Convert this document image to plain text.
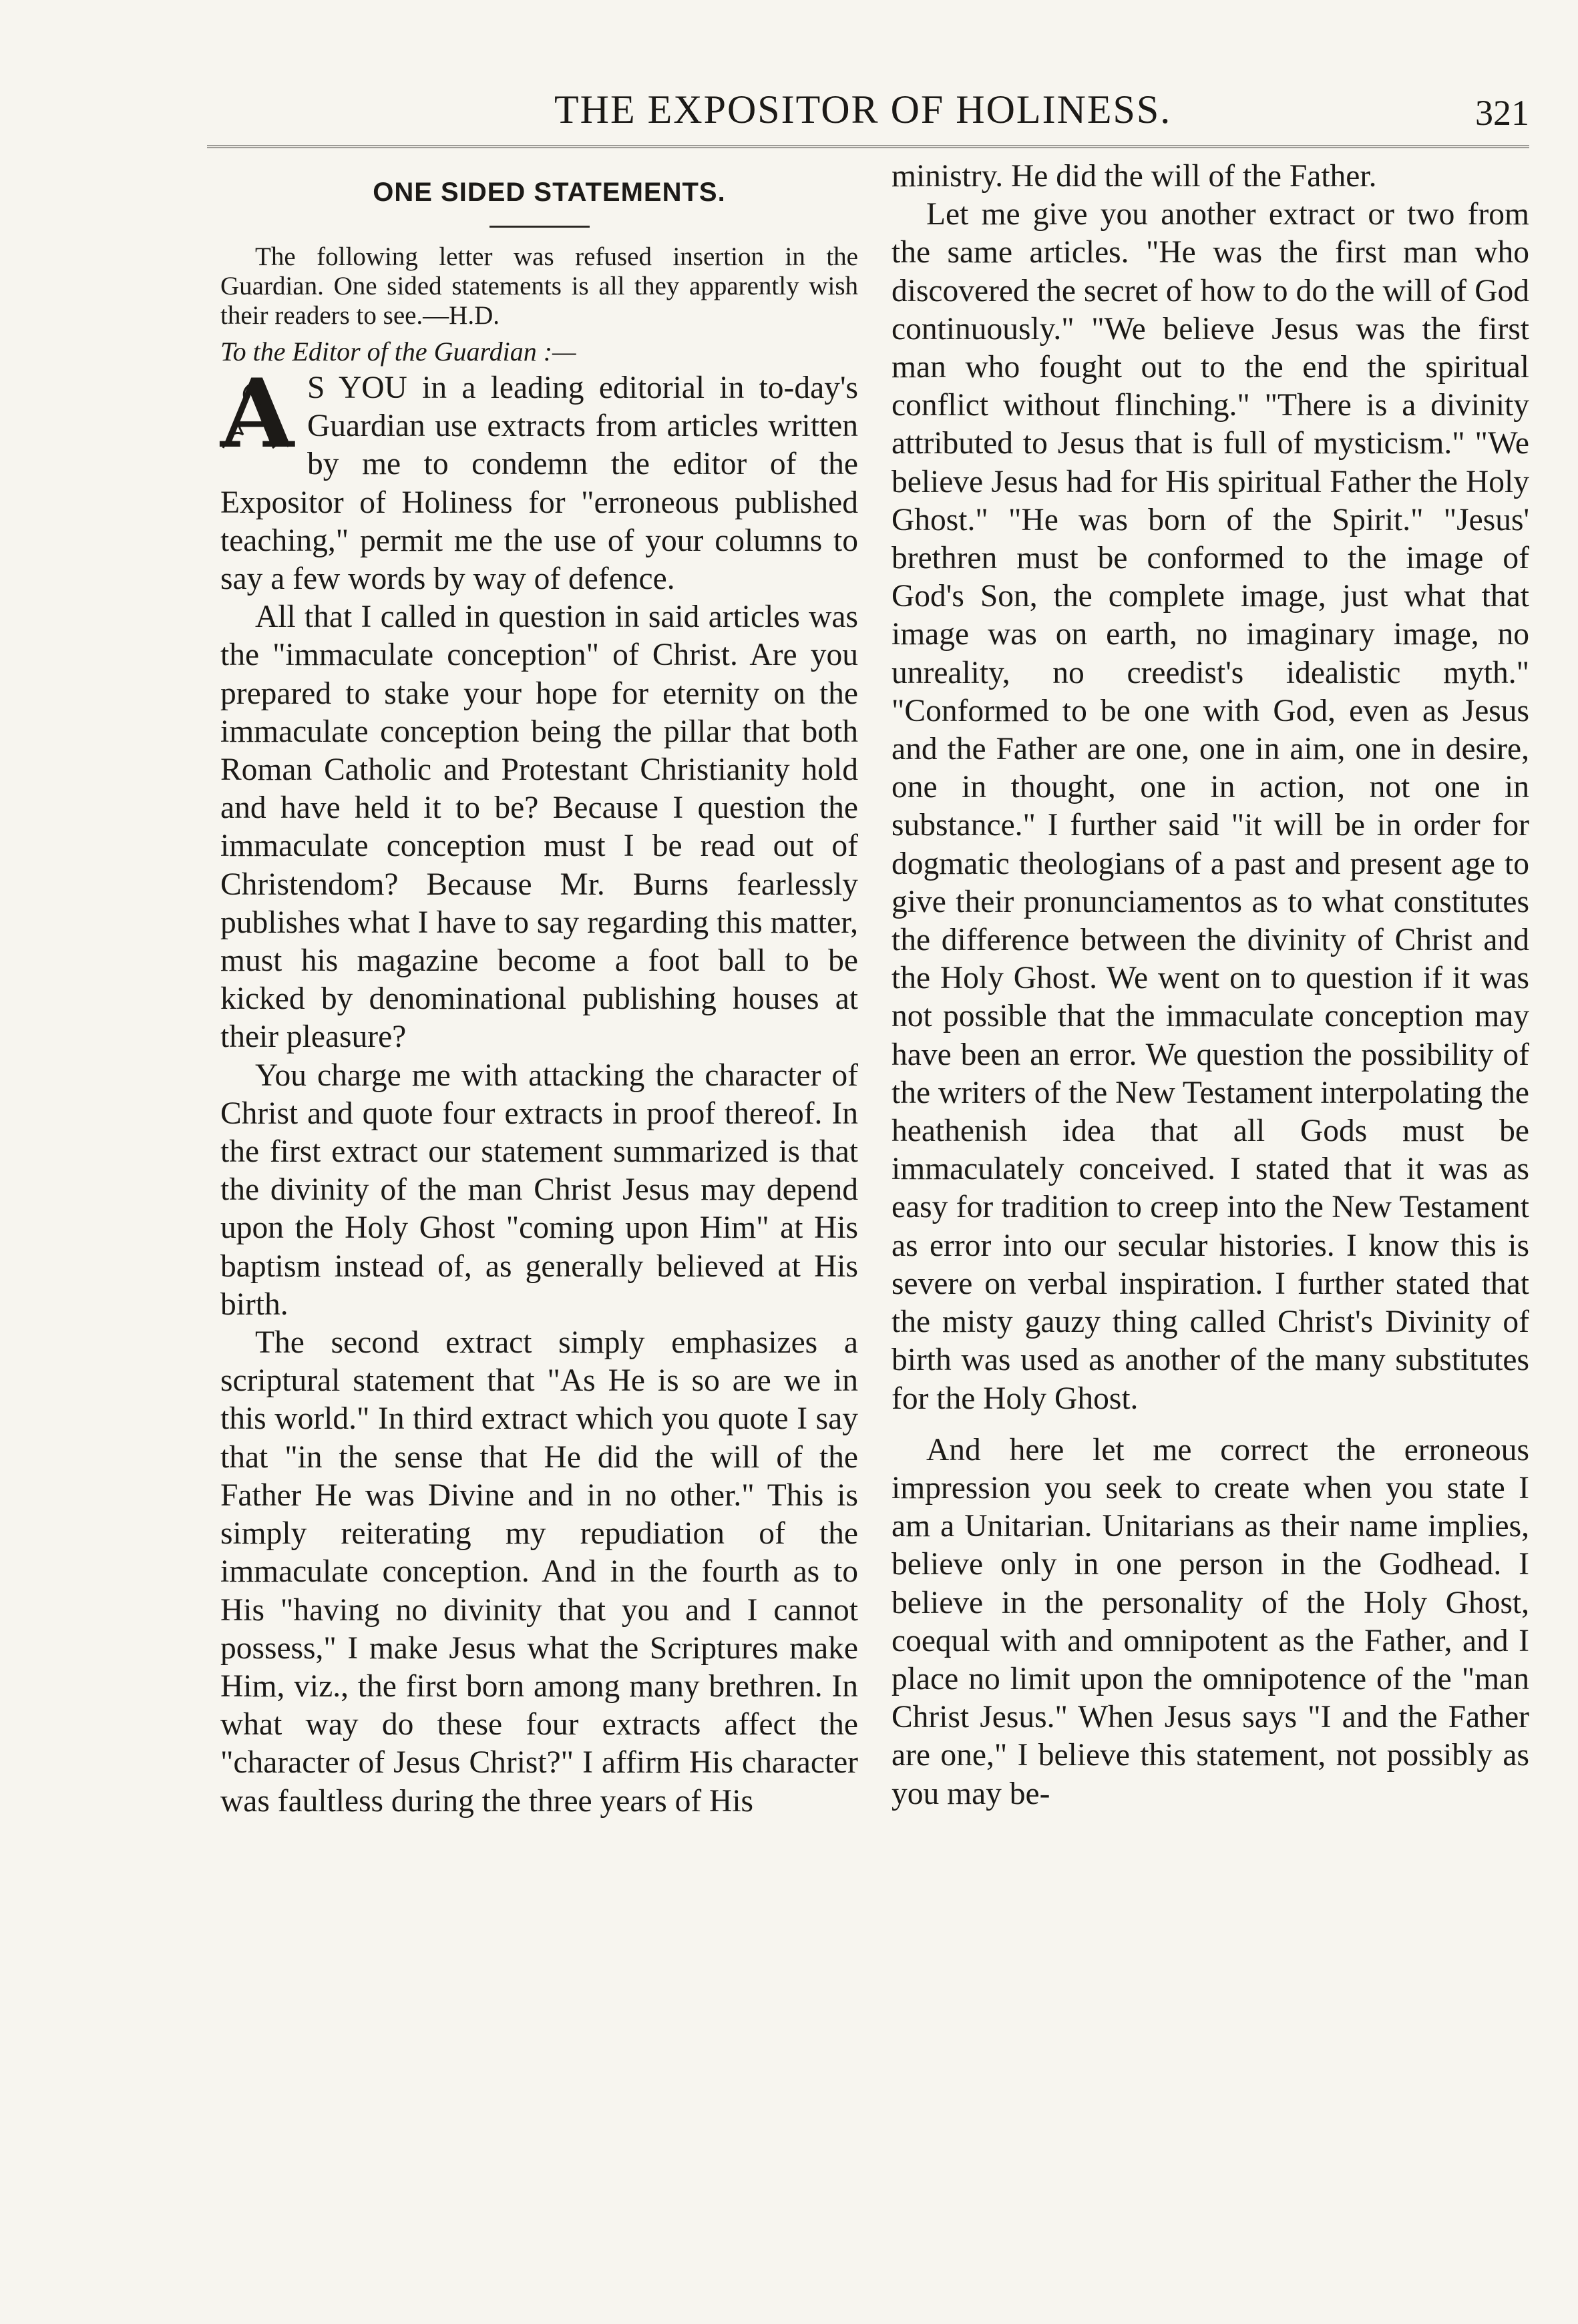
THE EXPOSITOR OF HOLINESS.	321
ONE SIDED STATEMENTS.

The following letter was refused insertion in the Guardian. One sided statements is all they apparently wish their readers to see.—H.D.

To the Editor of the Guardian :—

A S YOU in a leading editorial in to-day's Guardian use extracts from articles written by me to condemn the editor of the Expositor of Holiness for "erroneous published teaching," permit me the use of your columns to say a few words by way of defence.

All that I called in question in said articles was the "immaculate conception" of Christ. Are you prepared to stake your hope for eternity on the immaculate conception being the pillar that both Roman Catholic and Protestant Christianity hold and have held it to be? Because I question the immaculate conception must I be read out of Christendom? Because Mr. Burns fearlessly publishes what I have to say regarding this matter, must his magazine become a foot ball to be kicked by denominational publishing houses at their pleasure?

You charge me with attacking the character of Christ and quote four extracts in proof thereof. In the first extract our statement summarized is that the divinity of the man Christ Jesus may depend upon the Holy Ghost "coming upon Him" at His baptism instead of, as generally believed at His birth.

The second extract simply emphasizes a scriptural statement that "As He is so are we in this world." In third extract which you quote I say that "in the sense that He did the will of the Father He was Divine and in no other." This is simply reiterating my repudiation of the immaculate conception. And in the fourth as to His "having no divinity that you and I cannot possess," I make Jesus what the Scriptures make Him, viz., the first born among many brethren. In what way do these four extracts affect the "character of Jesus Christ?" I affirm His character was faultless during the three years of His

ministry. He did the will of the Father.

Let me give you another extract or two from the same articles. "He was the first man who discovered the secret of how to do the will of God continuously." "We believe Jesus was the first man who fought out to the end the spiritual conflict without flinching." "There is a divinity attributed to Jesus that is full of mysticism." "We believe Jesus had for His spiritual Father the Holy Ghost." "He was born of the Spirit." "Jesus' brethren must be conformed to the image of God's Son, the complete image, just what that image was on earth, no imaginary image, no unreality, no creedist's idealistic myth." "Conformed to be one with God, even as Jesus and the Father are one, one in aim, one in desire, one in thought, one in action, not one in substance." I further said "it will be in order for dogmatic theologians of a past and present age to give their pronunciamentos as to what constitutes the difference between the divinity of Christ and the Holy Ghost. We went on to question if it was not possible that the immaculate conception may have been an error. We question the possibility of the writers of the New Testament interpolating the heathenish idea that all Gods must be immaculately conceived. I stated that it was as easy for tradition to creep into the New Testament as error into our secular histories. I know this is severe on verbal inspiration. I further stated that the misty gauzy thing called Christ's Divinity of birth was used as another of the many substitutes for the Holy Ghost.

And here let me correct the erroneous impression you seek to create when you state I am a Unitarian. Unitarians as their name implies, believe only in one person in the Godhead. I believe in the personality of the Holy Ghost, coequal with and omnipotent as the Father, and I place no limit upon the omnipotence of the "man Christ Jesus." When Jesus says "I and the Father are one," I believe this statement, not possibly as you may be-
